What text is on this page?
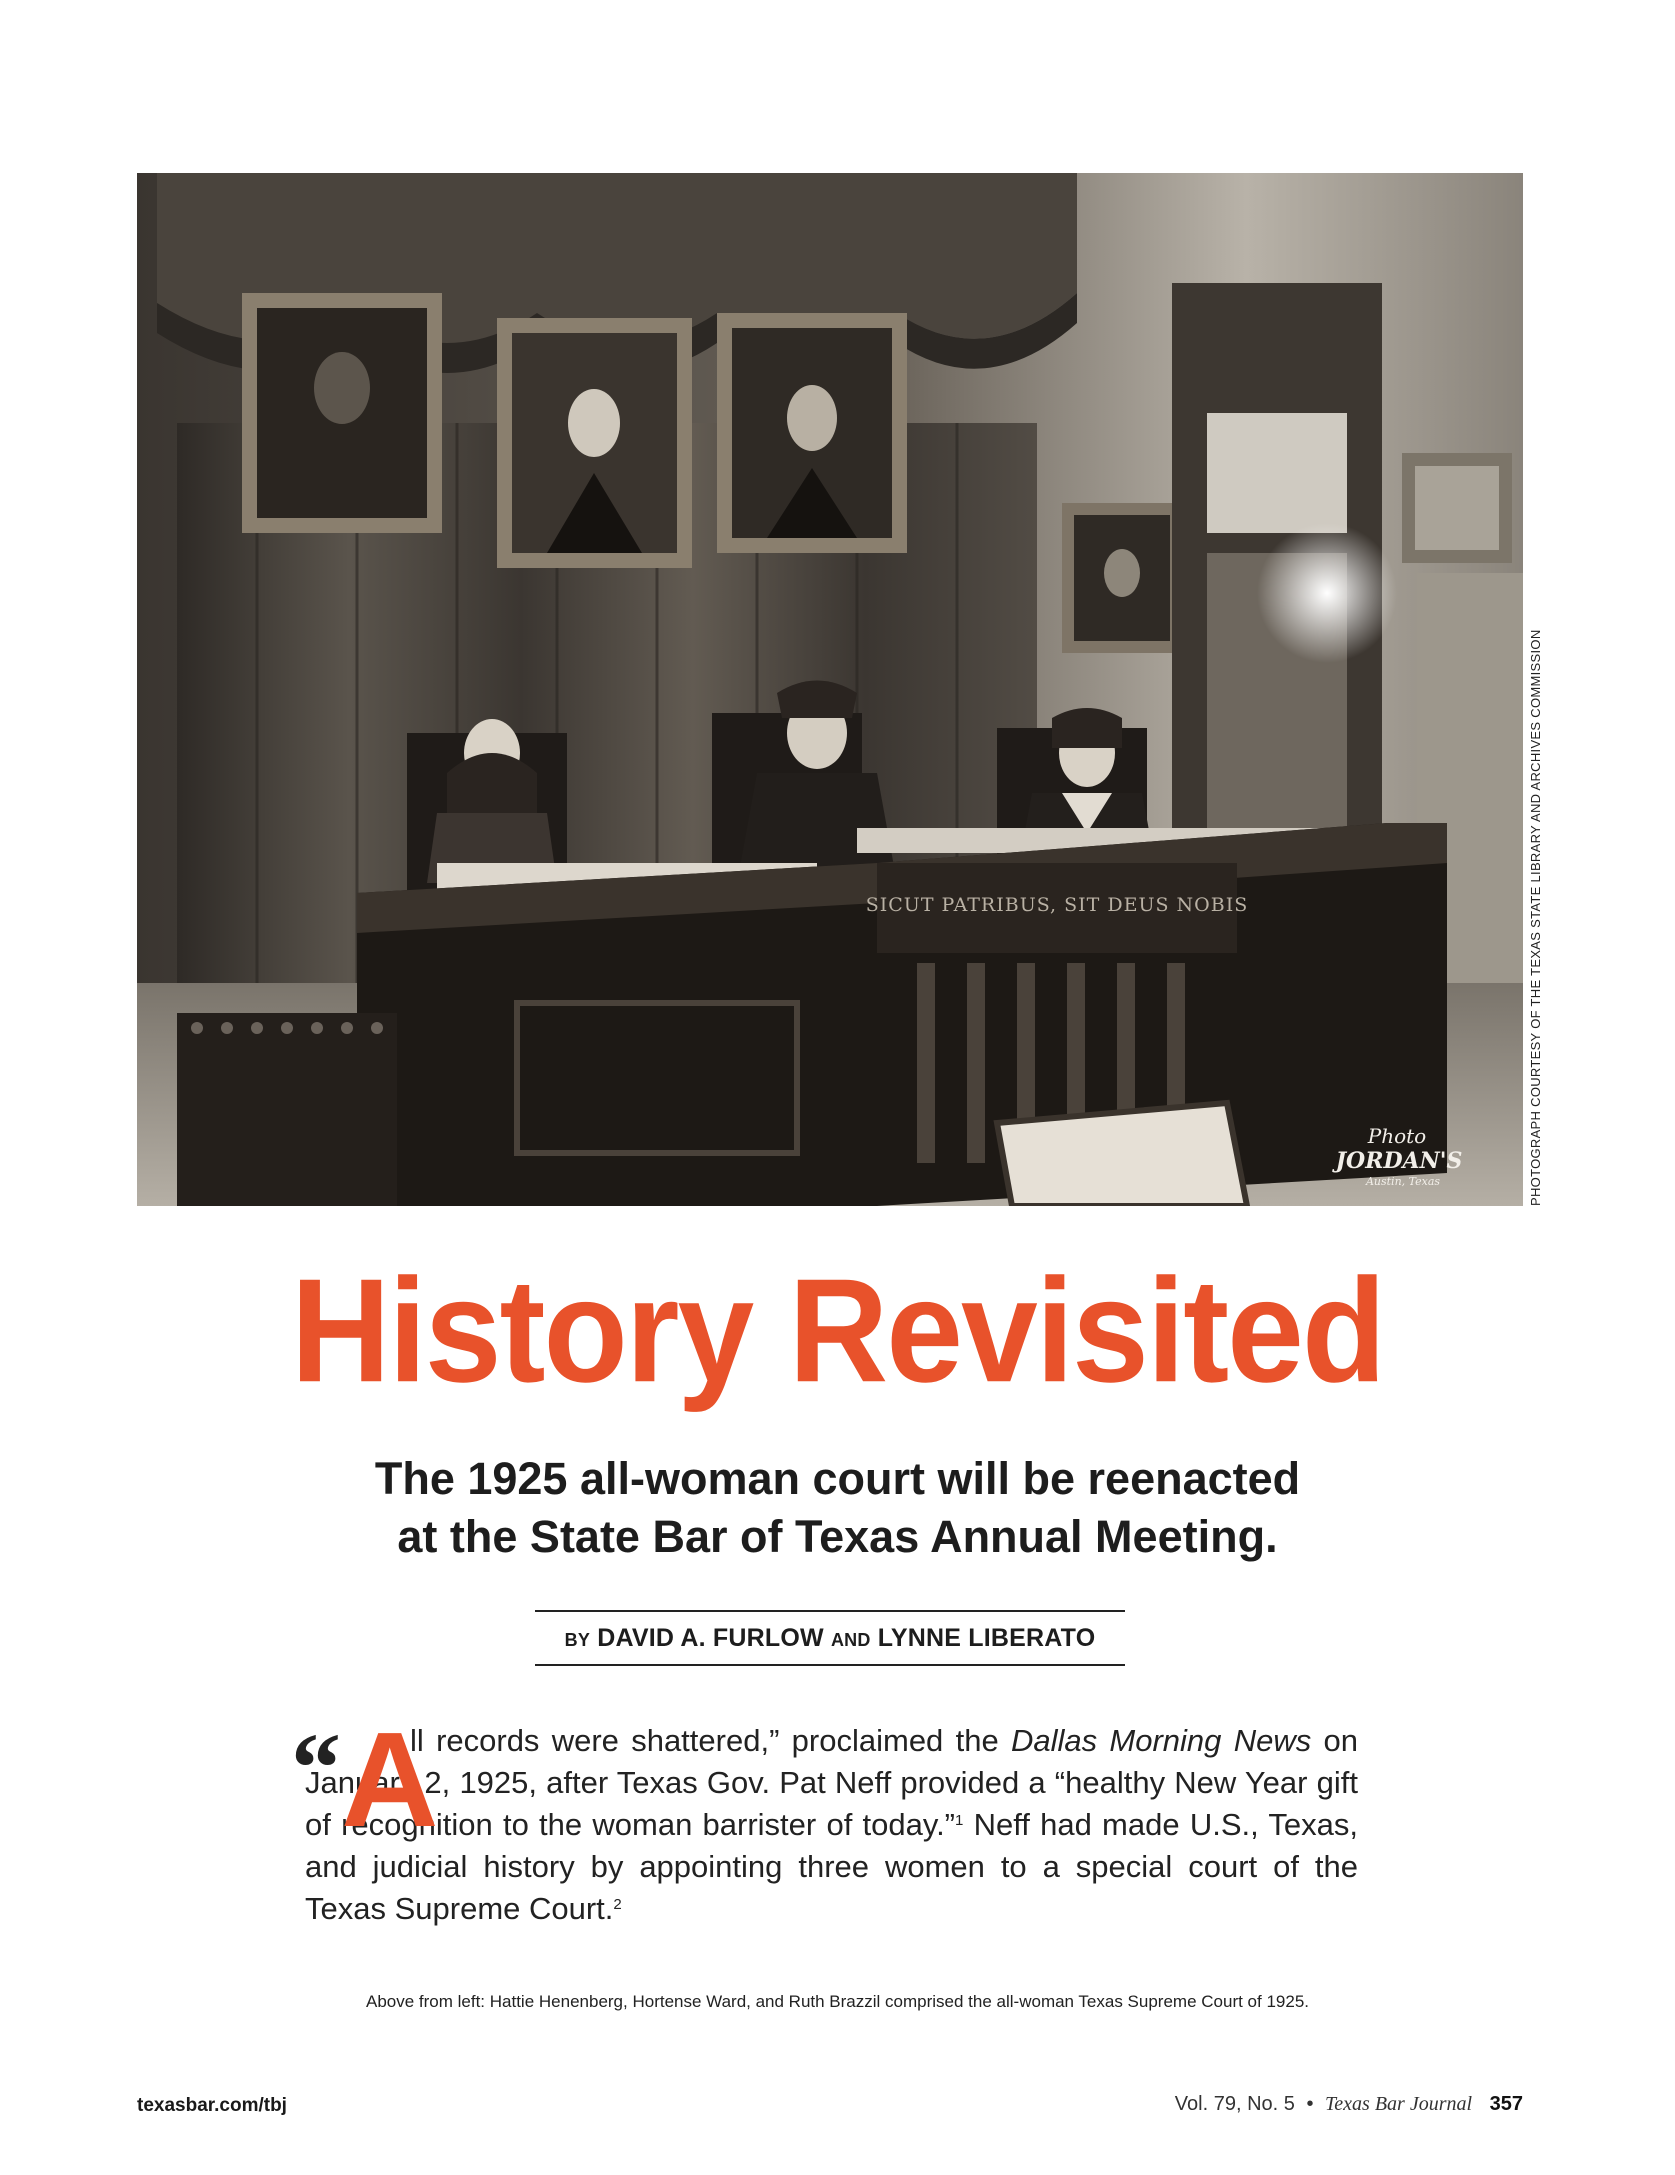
SICUT PATRIBUS, SIT DEUS NOBIS
Photo
JORDAN'S
Austin, Texas	PHOTOGRAPH COURTESY OF THE TEXAS STATE LIBRARY AND ARCHIVES COMMISSION
History Revisited
The 1925 all-woman court will be reenacted
at the State Bar of Texas Annual Meeting.
BY DAVID A. FURLOW AND LYNNE LIBERATO
“A

ll records were shattered,” proclaimed the Dallas Morning News on January 2, 1925, after Texas Gov. Pat Neff provided a “healthy New Year gift of recognition to the woman barrister of today.”$^1$ Neff had made U.S., Texas, and judicial history by appointing three women to a special court of the Texas Supreme Court.$^2$

Above from left: Hattie Henenberg, Hortense Ward, and Ruth Brazzil comprised the all-woman Texas Supreme Court of 1925.
texasbar.com/tbj	Vol. 79, No. 5 • Texas Bar Journal 357
